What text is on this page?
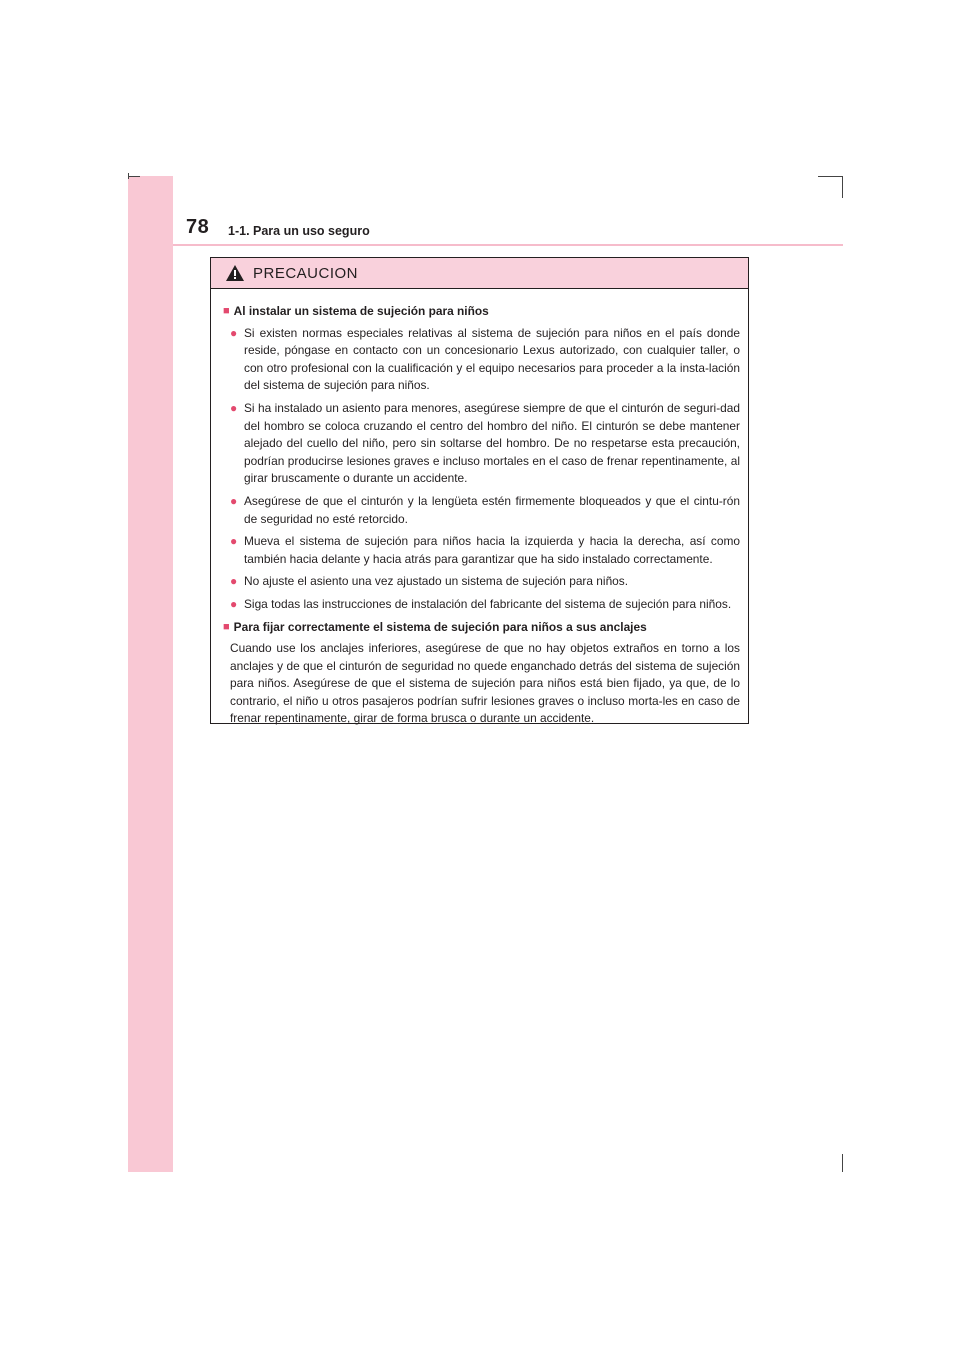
78 1-1. Para un uso seguro
PRECAUCION
■ Al instalar un sistema de sujeción para niños
● Si existen normas especiales relativas al sistema de sujeción para niños en el país donde reside, póngase en contacto con un concesionario Lexus autorizado, con cualquier taller, o con otro profesional con la cualificación y el equipo necesarios para proceder a la insta-lación del sistema de sujeción para niños.
● Si ha instalado un asiento para menores, asegúrese siempre de que el cinturón de seguri-dad del hombro se coloca cruzando el centro del hombro del niño. El cinturón se debe mantener alejado del cuello del niño, pero sin soltarse del hombro. De no respetarse esta precaución, podrían producirse lesiones graves e incluso mortales en el caso de frenar repentinamente, al girar bruscamente o durante un accidente.
● Asegúrese de que el cinturón y la lengüeta estén firmemente bloqueados y que el cintu-rón de seguridad no esté retorcido.
● Mueva el sistema de sujeción para niños hacia la izquierda y hacia la derecha, así como también hacia delante y hacia atrás para garantizar que ha sido instalado correctamente.
● No ajuste el asiento una vez ajustado un sistema de sujeción para niños.
● Siga todas las instrucciones de instalación del fabricante del sistema de sujeción para niños.
■ Para fijar correctamente el sistema de sujeción para niños a sus anclajes
Cuando use los anclajes inferiores, asegúrese de que no hay objetos extraños en torno a los anclajes y de que el cinturón de seguridad no quede enganchado detrás del sistema de sujeción para niños. Asegúrese de que el sistema de sujeción para niños está bien fijado, ya que, de lo contrario, el niño u otros pasajeros podrían sufrir lesiones graves o incluso morta-les en caso de frenar repentinamente, girar de forma brusca o durante un accidente.
